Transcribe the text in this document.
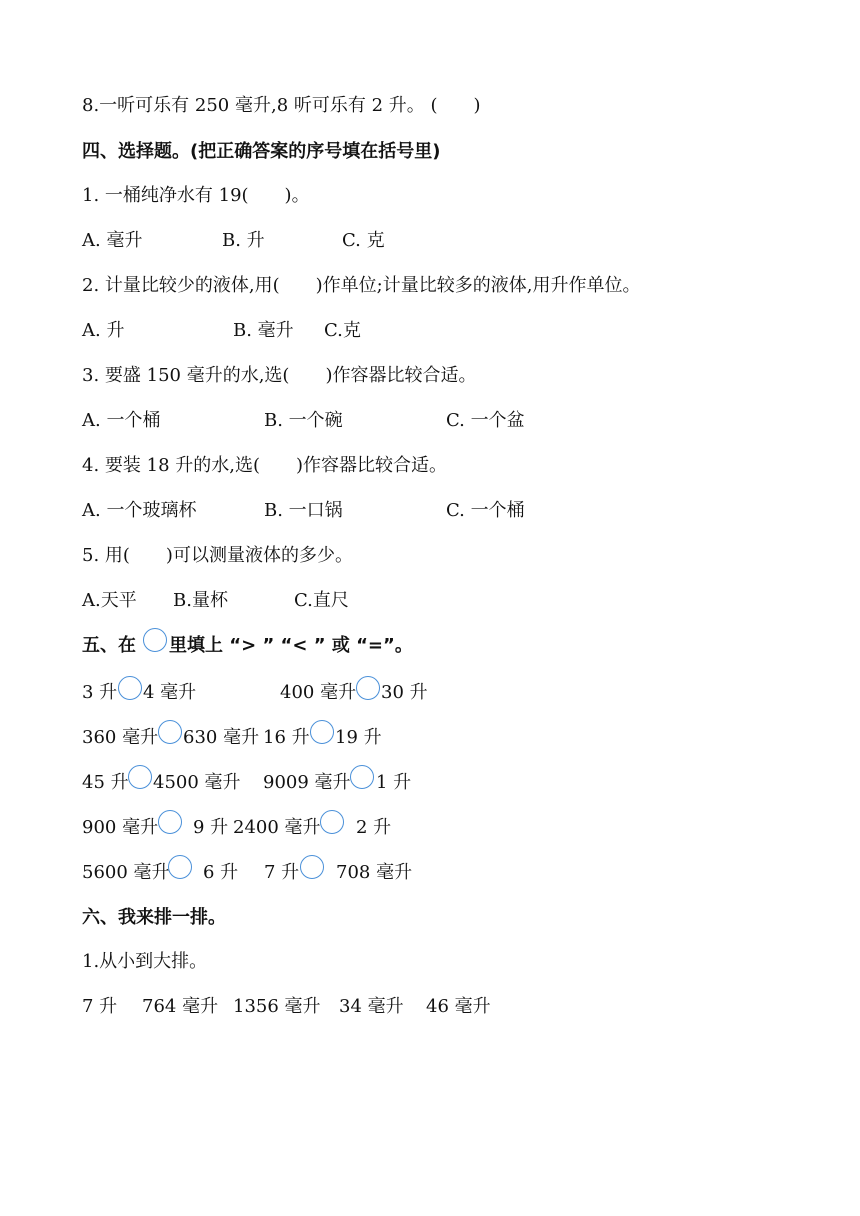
8.一听可乐有 250 毫升,8 听可乐有 2 升。 (　　)
四、选择题。(把正确答案的序号填在括号里)
1. 一桶纯净水有 19(　　)。
A. 毫升	B. 升	C. 克
2. 计量比较少的液体,用(　　)作单位;计量比较多的液体,用升作单位。
A. 升	B. 毫升 C.克
3. 要盛 150 毫升的水,选(　　)作容器比较合适。
A. 一个桶	B. 一个碗	C. 一个盆
4. 要装 18 升的水,选(　　)作容器比较合适。
A. 一个玻璃杯	B. 一口锅	C. 一个桶
5. 用(　　)可以测量液体的多少。
A.天平 B.量杯	C.直尺
五、在 里填上 “> ” “< ” 或 “=”。
3 升 4 毫升	400 毫升 30 升
360 毫升 630 毫升 16 升 19 升
45 升 4500 毫升 9009 毫升 1 升
900 毫升 9 升 2400 毫升 2 升
5600 毫升 6 升 7 升 708 毫升
六、我来排一排。
1.从小到大排。
7 升 764 毫升 1356 毫升 34 毫升 46 毫升
